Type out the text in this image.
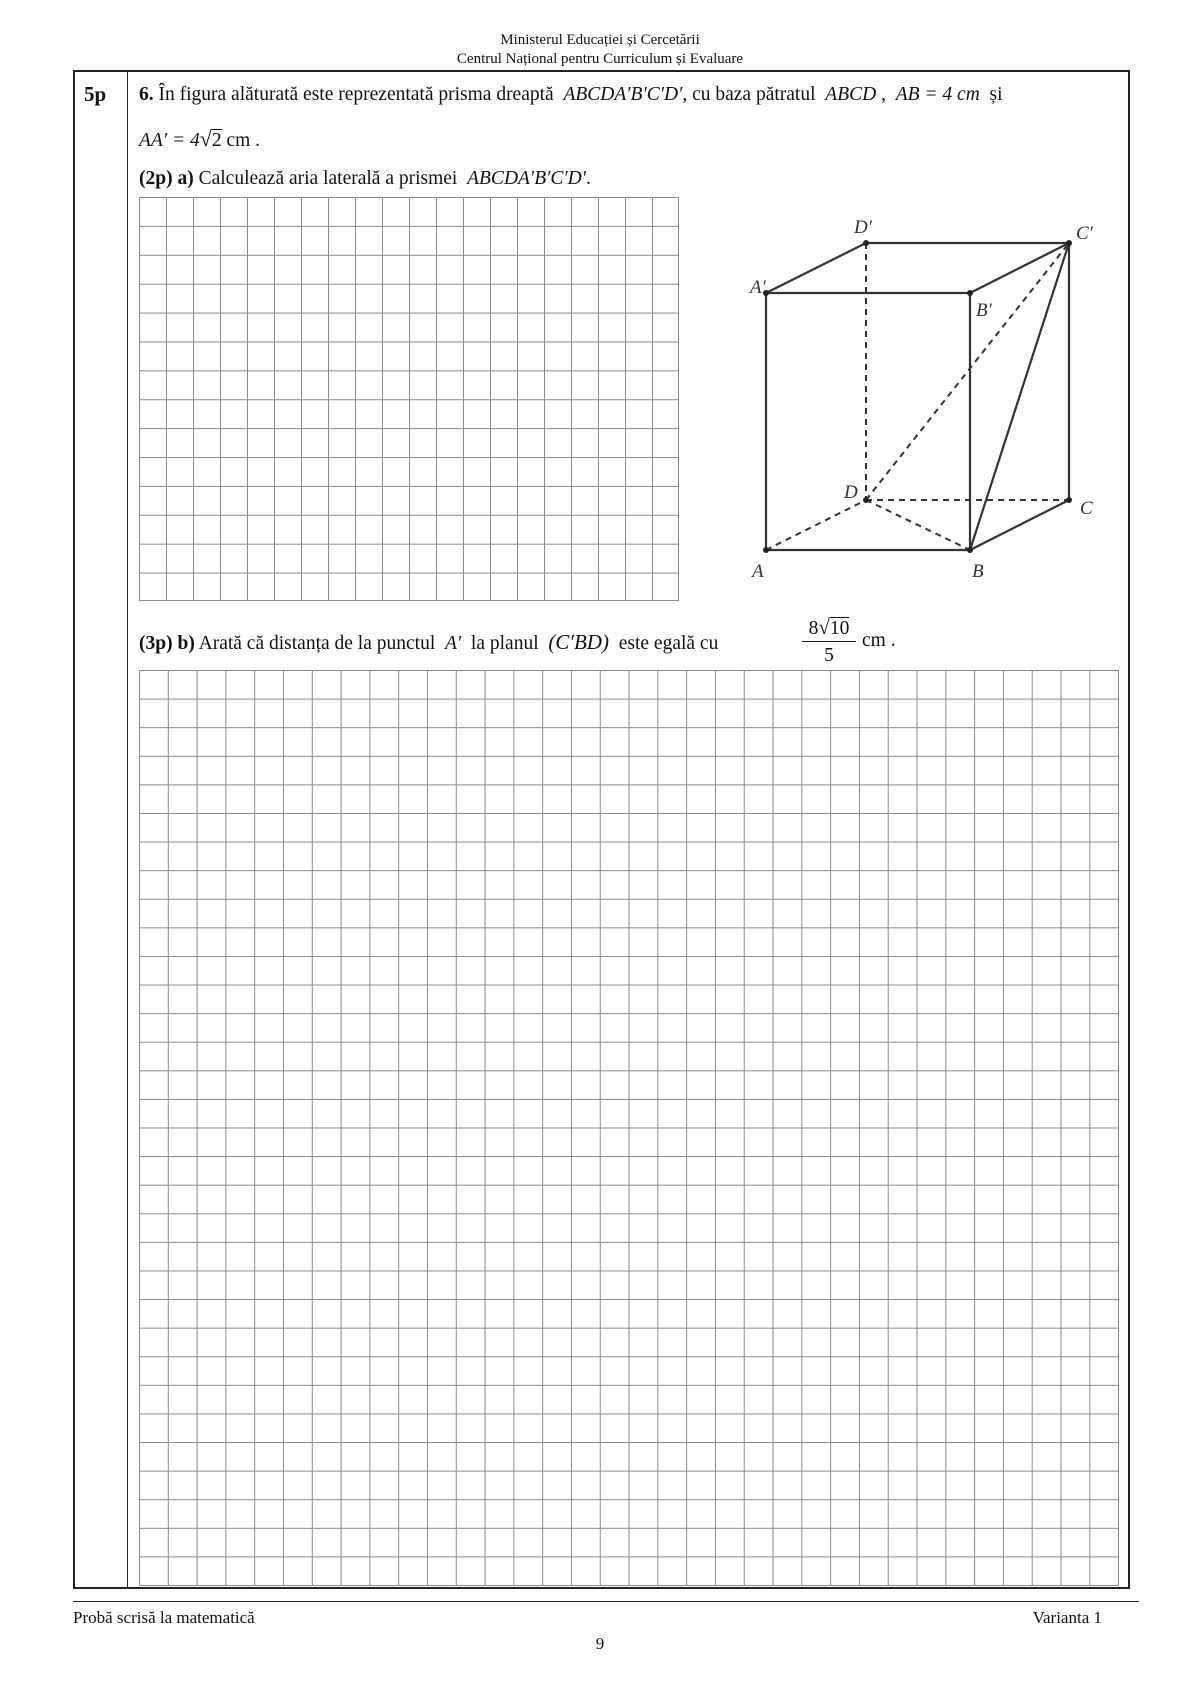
Ministerul Educației și Cercetării
Centrul Național pentru Curriculum și Evaluare
5p 6. În figura alăturată este reprezentată prisma dreaptă ABCDA′B′C′D′, cu baza pătratul ABCD ,  AB = 4 cm și
AA′ = 4√2 cm .
(2p) a) Calculează aria laterală a prismei ABCDA′B′C′D′.
A′
B′
C′
D′
A	B
C
D
(3p) b) Arată că distanța de la punctul A′ la planul (C′BD) este egală cu
8√10
5
cm .
Probă scrisă la matematică	Varianta 1
9
